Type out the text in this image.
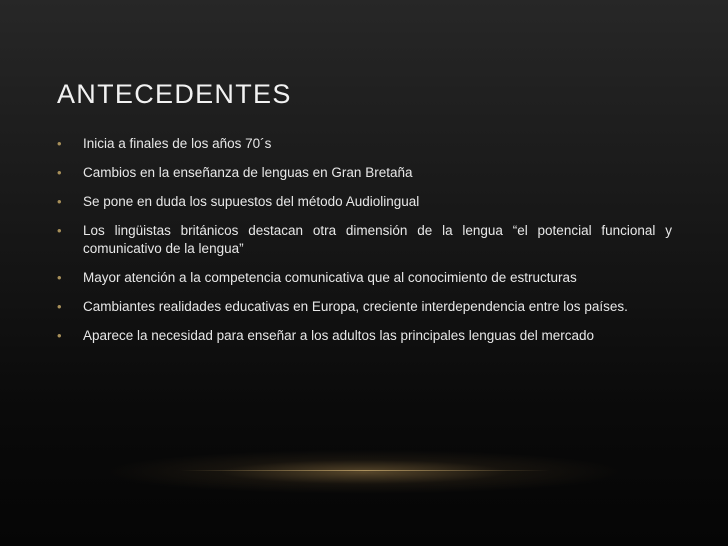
ANTECEDENTES
• Inicia a finales de los años 70´s
• Cambios en la enseñanza de lenguas en Gran Bretaña
• Se pone en duda los supuestos del método Audiolingual
• Los lingüistas británicos destacan otra dimensión de la lengua “el potencial funcional y comunicativo de la lengua”
• Mayor atención a la competencia comunicativa que al conocimiento de estructuras
• Cambiantes realidades educativas en Europa, creciente interdependencia entre los países.
• Aparece la necesidad para enseñar a los adultos las principales lenguas del mercado
